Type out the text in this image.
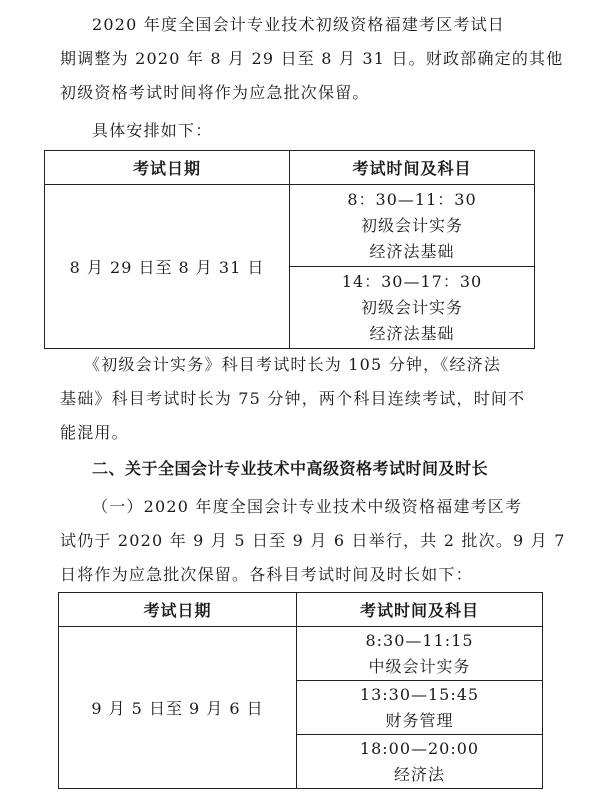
2020 年度全国会计专业技术初级资格福建考区考试日
期调整为 2020 年 8 月 29 日至 8 月 31 日。财政部确定的其他
初级资格考试时间将作为应急批次保留。
具体安排如下：
考试日期	考试时间及科目
8 月 29 日至 8 月 31 日	8：30—11：30
初级会计实务
经济法基础

	14：30—17：30
初级会计实务
经济法基础
《初级会计实务》科目考试时长为 105 分钟，《经济法
基础》科目考试时长为 75 分钟，两个科目连续考试，时间不
能混用。
二、关于全国会计专业技术中高级资格考试时间及时长
（一）2020 年度全国会计专业技术中级资格福建考区考
试仍于 2020 年 9 月 5 日至 9 月 6 日举行，共 2 批次。9 月 7
日将作为应急批次保留。各科目考试时间及时长如下：
考试日期	考试时间及科目
9 月 5 日至 9 月 6 日	8:30—11:15
中级会计实务

	13:30—15:45
财务管理

	18:00—20:00
经济法
